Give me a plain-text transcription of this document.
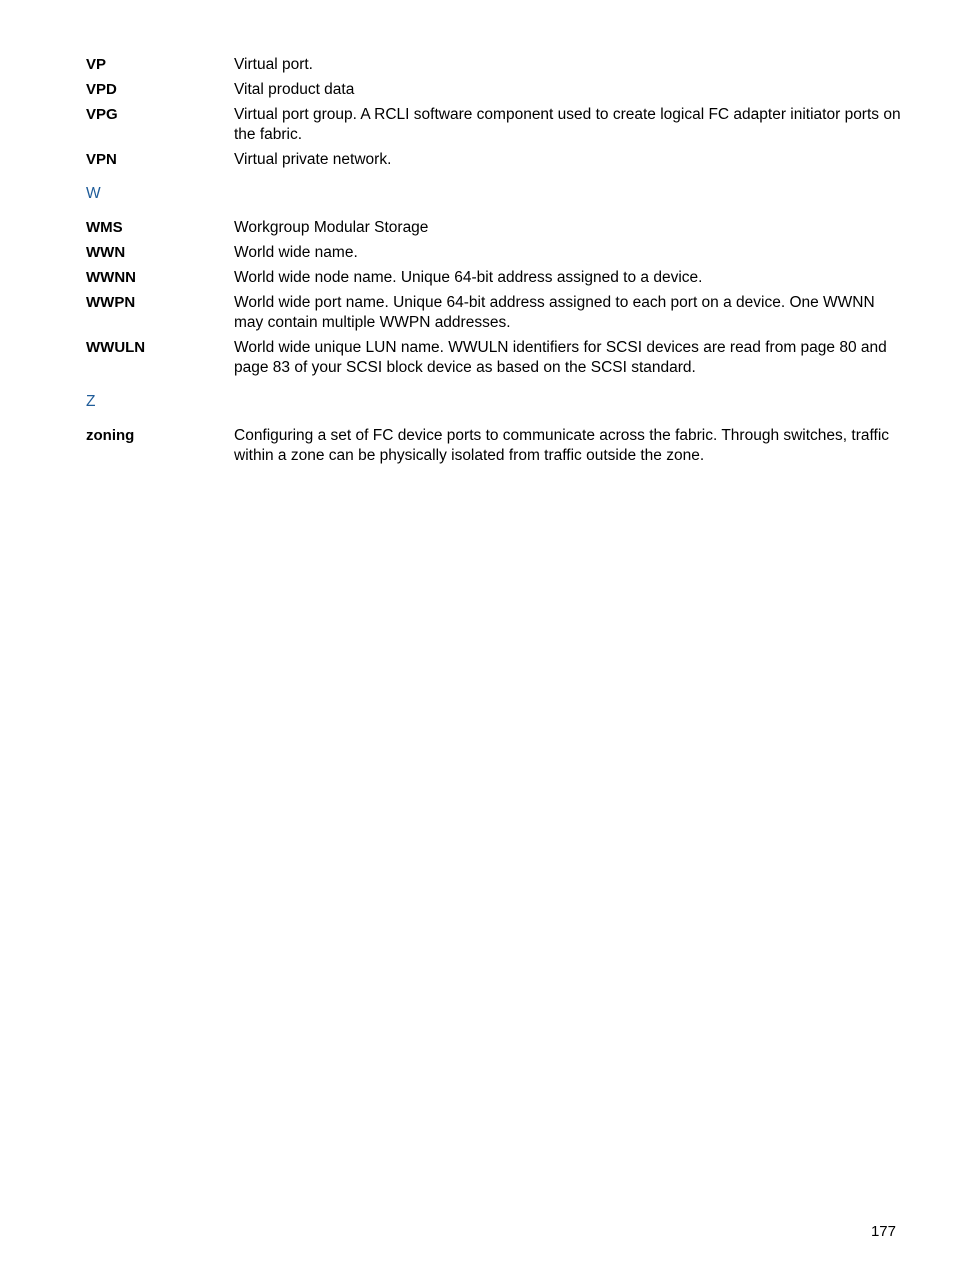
VP	Virtual port.
VPD	Vital product data
VPG	Virtual port group. A RCLI software component used to create logical FC adapter initiator ports on the fabric.
VPN	Virtual private network.
W
WMS	Workgroup Modular Storage
WWN	World wide name.
WWNN	World wide node name. Unique 64-bit address assigned to a device.
WWPN	World wide port name. Unique 64-bit address assigned to each port on a device. One WWNN may contain multiple WWPN addresses.
WWULN	World wide unique LUN name. WWULN identifiers for SCSI devices are read from page 80 and page 83 of your SCSI block device as based on the SCSI standard.
Z
zoning	Configuring a set of FC device ports to communicate across the fabric. Through switches, traffic within a zone can be physically isolated from traffic outside the zone.
177
